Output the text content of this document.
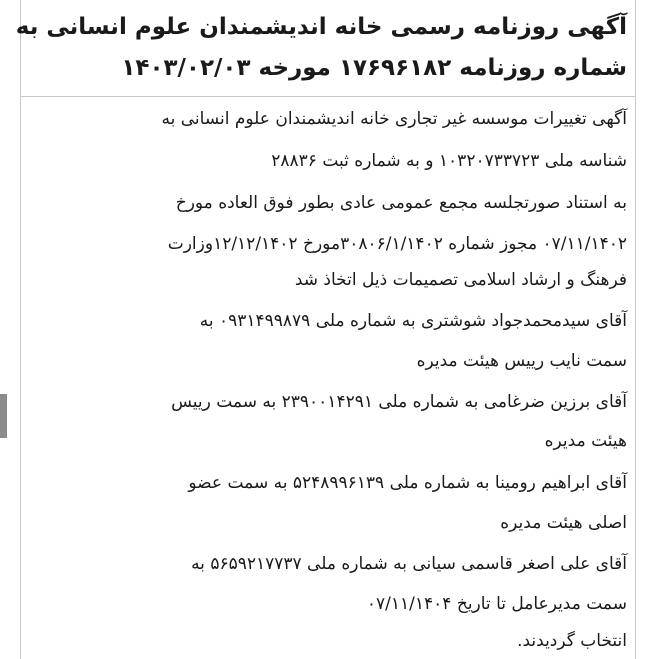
آگهی روزنامه رسمی خانه اندیشمندان علوم انسانی به
شماره روزنامه ۱۷۶۹۶۱۸۲ مورخه ۱۴۰۳/۰۲/۰۳
آگهی تغییرات موسسه غیر تجاری خانه اندیشمندان علوم انسانی به
شناسه ملی ۱۰۳۲۰۷۳۳۷۲۳ و به شماره ثبت ۲۸۸۳۶
به استناد صورتجلسه مجمع عمومی عادی بطور فوق العاده مورخ
۰۷/۱۱/۱۴۰۲ مجوز شماره ۳۰۸۰۶/۱/۱۴۰۲مورخ ۱۲/۱۲/۱۴۰۲وزارت
فرهنگ و ارشاد اسلامی تصمیمات ذیل اتخاذ شد
آقای سیدمحمدجواد شوشتری به شماره ملی ۰۹۳۱۴۹۹۸۷۹ به
سمت نایب رییس هیئت مدیره
آقای برزین ضرغامی به شماره ملی ۲۳۹۰۰۱۴۲۹۱ به سمت رییس
هیئت مدیره
آقای ابراهیم رومینا به شماره ملی ۵۲۴۸۹۹۶۱۳۹ به سمت عضو
اصلی هیئت مدیره
آقای علی اصغر قاسمی سیانی به شماره ملی ۵۶۵۹۲۱۷۷۳۷ به
سمت مدیرعامل تا تاریخ ۰۷/۱۱/۱۴۰۴
انتخاب گردیدند.
